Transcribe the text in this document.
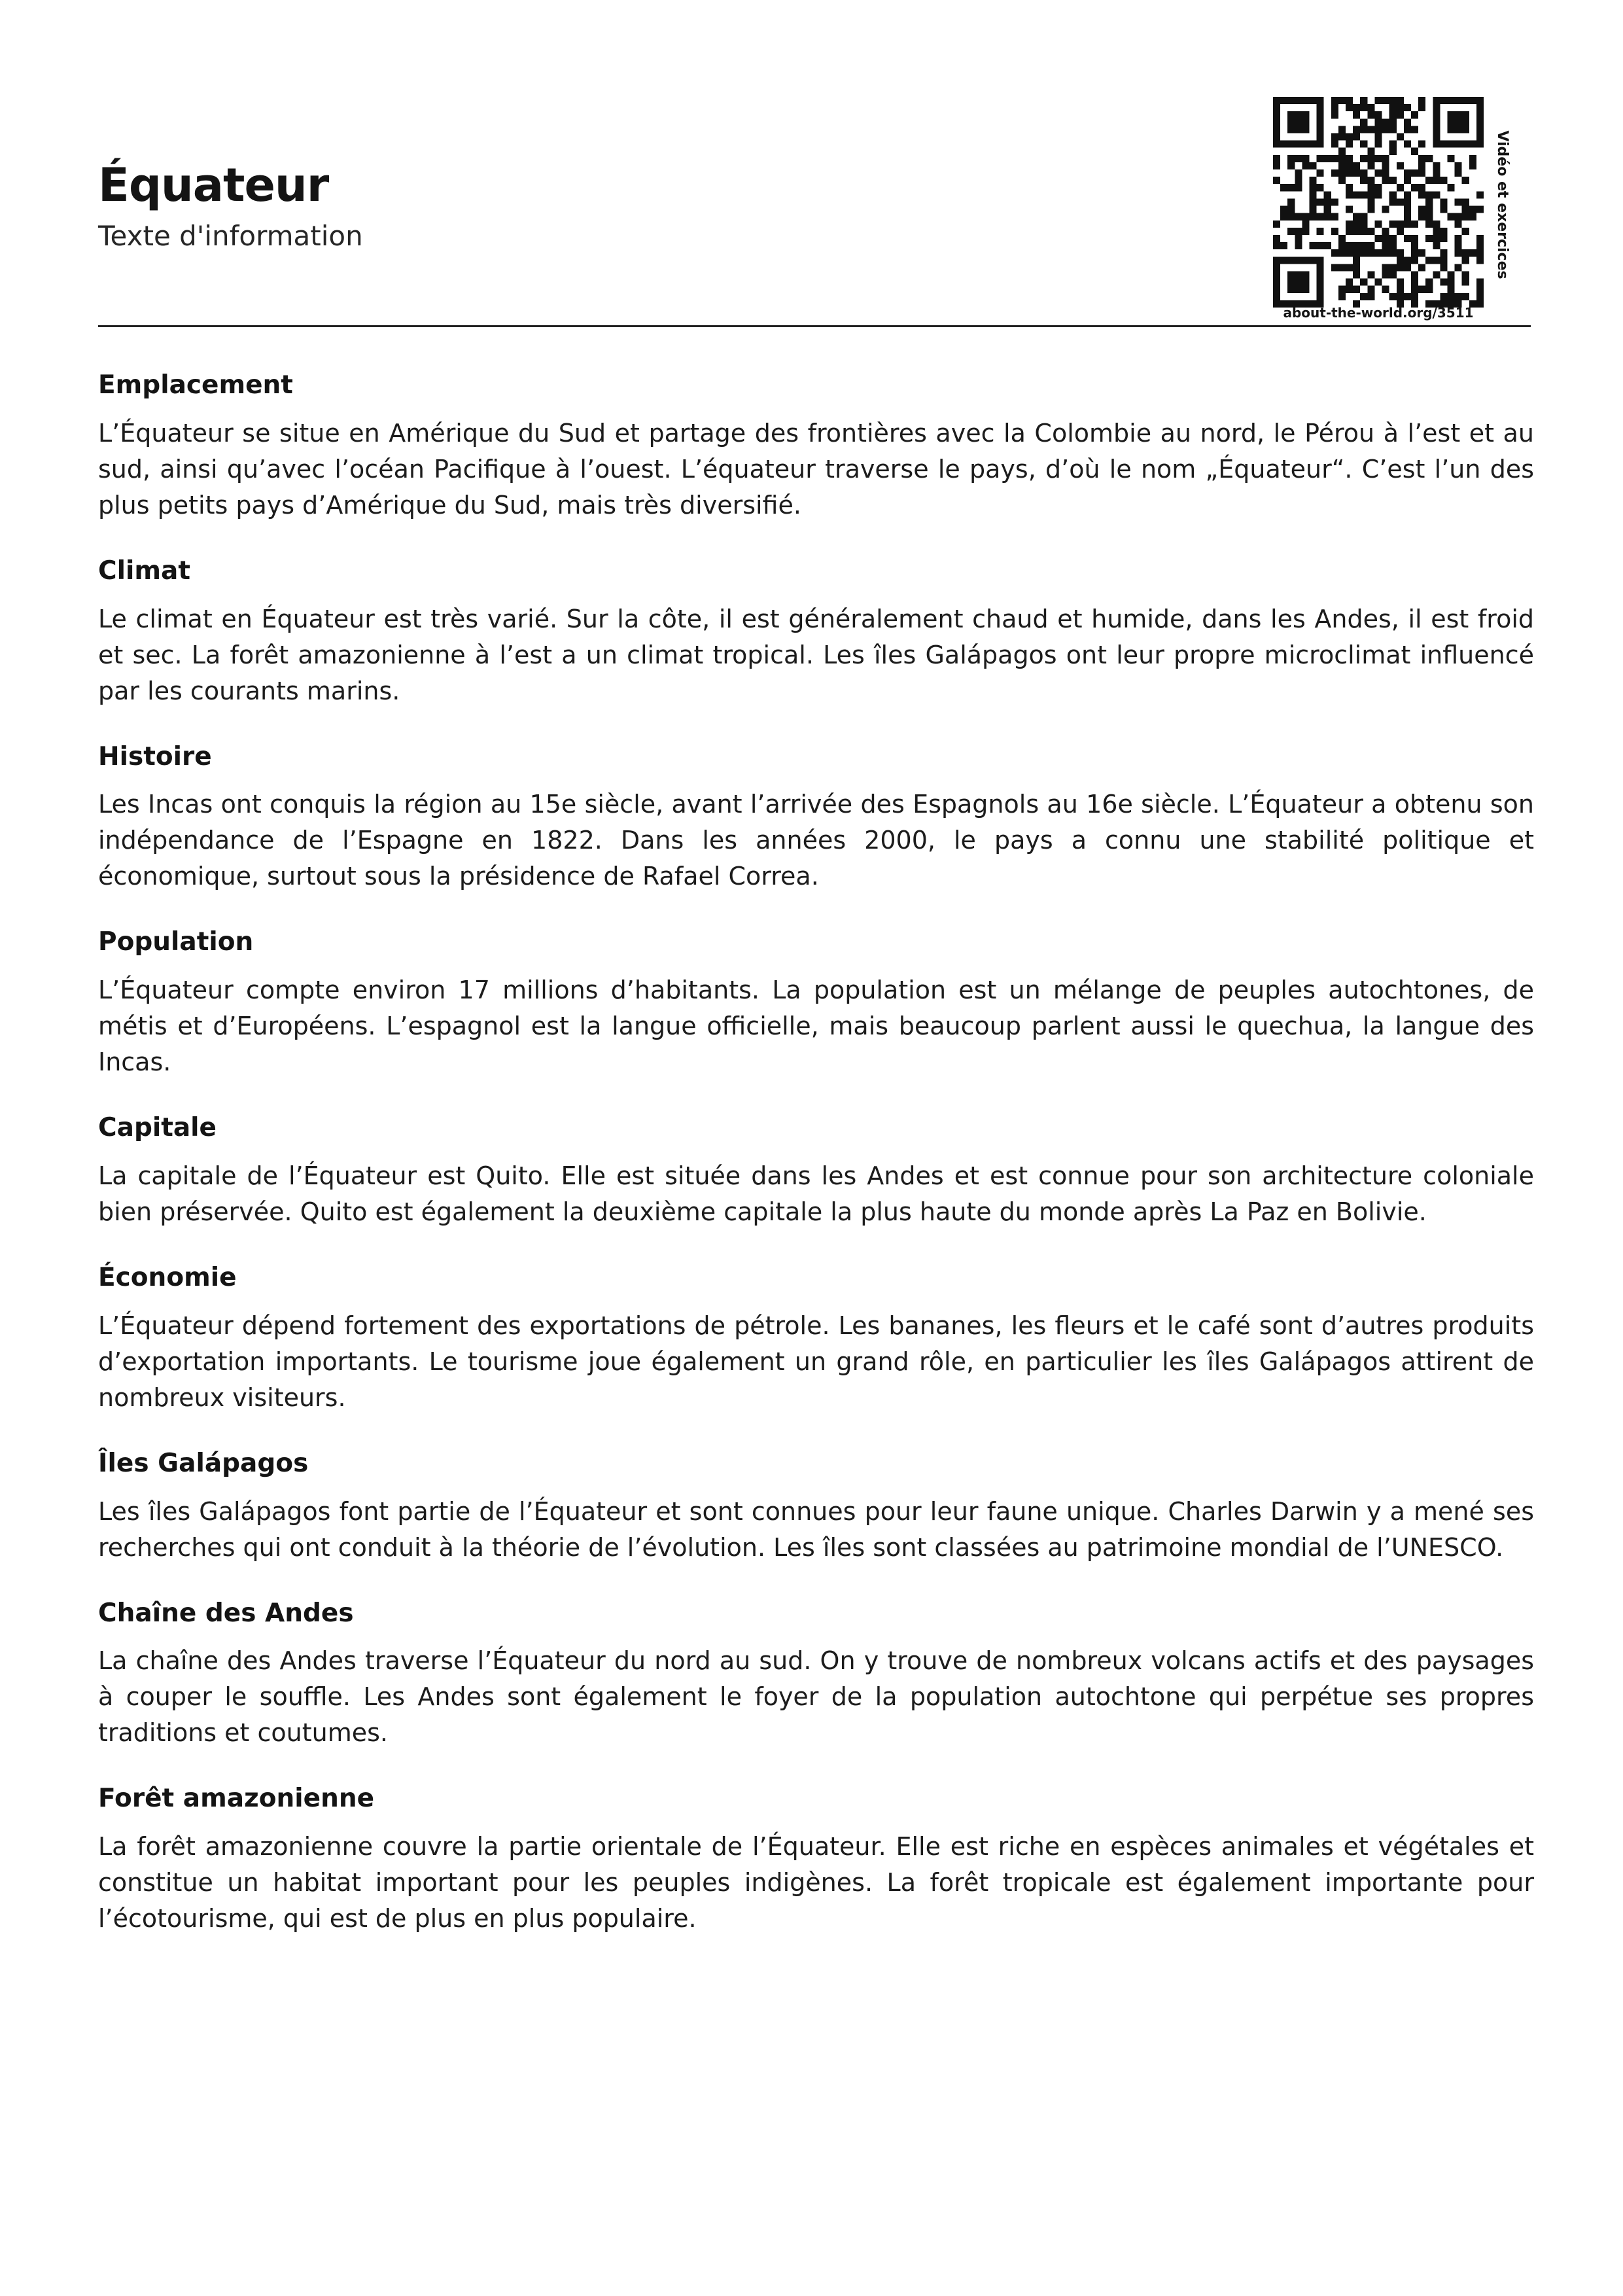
Équateur

Texte d'information

about-the-world.org/3511
Vidéo et exercices
Emplacement

L’Équateur se situe en Amérique du Sud et partage des frontières avec la Colombie au nord, le Pérou à l’est et au sud, ainsi qu’avec l’océan Pacifique à l’ouest. L’équateur traverse le pays, d’où le nom „Équateur“. C’est l’un des plus petits pays d’Amérique du Sud, mais très diversifié.

Climat

Le climat en Équateur est très varié. Sur la côte, il est généralement chaud et humide, dans les Andes, il est froid et sec. La forêt amazonienne à l’est a un climat tropical. Les îles Galápagos ont leur propre microclimat influencé par les courants marins.

Histoire

Les Incas ont conquis la région au 15e siècle, avant l’arrivée des Espagnols au 16e siècle. L’Équateur a obtenu son indépendance de l’Espagne en 1822. Dans les années 2000, le pays a connu une stabilité politique et économique, surtout sous la présidence de Rafael Correa.

Population

L’Équateur compte environ 17 millions d’habitants. La population est un mélange de peuples autochtones, de métis et d’Européens. L’espagnol est la langue officielle, mais beaucoup parlent aussi le quechua, la langue des Incas.

Capitale

La capitale de l’Équateur est Quito. Elle est située dans les Andes et est connue pour son architecture coloniale bien préservée. Quito est également la deuxième capitale la plus haute du monde après La Paz en Bolivie.

Économie

L’Équateur dépend fortement des exportations de pétrole. Les bananes, les fleurs et le café sont d’autres produits d’exportation importants. Le tourisme joue également un grand rôle, en particulier les îles Galápagos attirent de nombreux visiteurs.

Îles Galápagos

Les îles Galápagos font partie de l’Équateur et sont connues pour leur faune unique. Charles Darwin y a mené ses recherches qui ont conduit à la théorie de l’évolution. Les îles sont classées au patrimoine mondial de l’UNESCO.

Chaîne des Andes

La chaîne des Andes traverse l’Équateur du nord au sud. On y trouve de nombreux volcans actifs et des paysages à couper le souffle. Les Andes sont également le foyer de la population autochtone qui perpétue ses propres traditions et coutumes.

Forêt amazonienne

La forêt amazonienne couvre la partie orientale de l’Équateur. Elle est riche en espèces animales et végétales et constitue un habitat important pour les peuples indigènes. La forêt tropicale est également importante pour l’écotourisme, qui est de plus en plus populaire.
